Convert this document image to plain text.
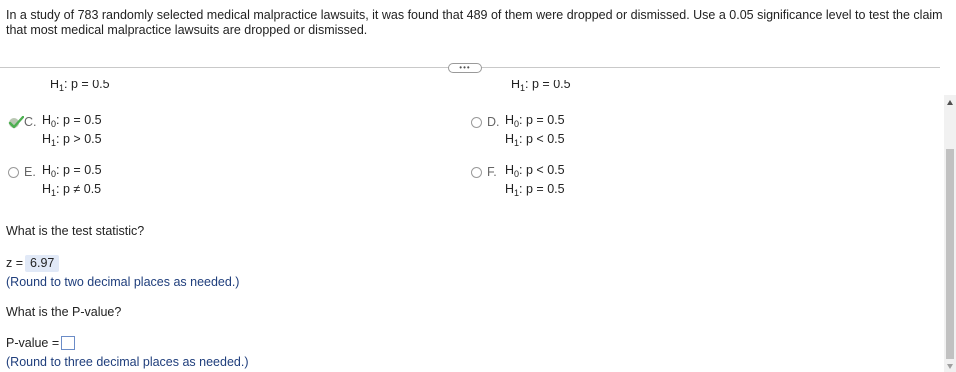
In a study of 783 randomly selected medical malpractice lawsuits, it was found that 489 of them were dropped or dismissed. Use a 0.05 significance level to test the claim that most medical malpractice lawsuits are dropped or dismissed.

•••
$H_1$: p = 0.5	$H_1$: p = 0.5
C. $H_0$: p = 0.5
$H_1$: p > 0.5
D. $H_0$: p = 0.5
$H_1$: p < 0.5
E. $H_0$: p = 0.5
$H_1$: p ≠ 0.5
F. $H_0$: p < 0.5
$H_1$: p = 0.5
What is the test statistic?
z = 6.97
(Round to two decimal places as needed.)
What is the P-value?
P-value =
(Round to three decimal places as needed.)
